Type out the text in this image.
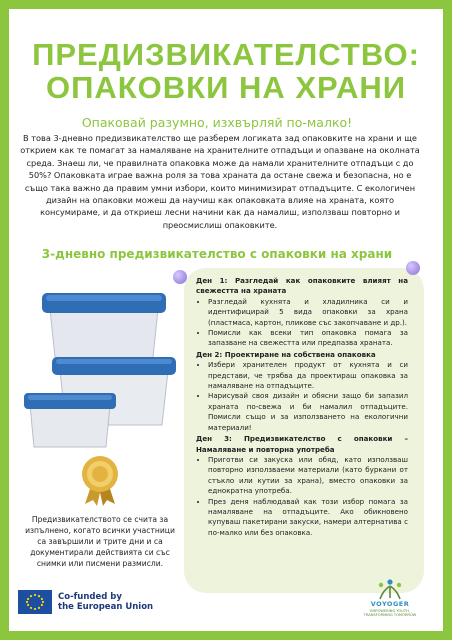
ПРЕДИЗВИКАТЕЛСТВО:
ОПАКОВКИ НА ХРАНИ
Опаковай разумно, изхвърляй по-малко!
В това 3-дневно предизвикателство ще разберем логиката зад опаковките на храни и ще открием как те помагат за намаляване на хранителните отпадъци и опазване на околната среда. Знаеш ли, че правилната опаковка може да намали хранителните отпадъци с до 50%? Опаковката играе важна роля за това храната да остане свежа и безопасна, но е също така важно да правим умни избори, които минимизират отпадъците. С екологичен дизайн на опаковки можеш да научиш как опаковката влияе на храната, която консумираме, и да откриеш лесни начини как да намалиш, използваш повторно и преосмислиш опаковките.
3-дневно предизвикателство с опаковки на храни
Предизвикателството се счита за изпълнено, когато всички участници са завършили и трите дни и са документирали действията си със снимки или писмени размисли.

Ден 1: Разгледай как опаковките влияят на свежестта на храната

• Разгледай кухнята и хладилника си и идентифицирай 5 вида опаковки за храна (пластмаса, картон, пликове със закопчаване и др.).
• Помисли как всеки тип опаковка помага за запазване на свежестта или предпазва храната.

Ден 2: Проектиране на собствена опаковка

• Избери хранителен продукт от кухнята и си представи, че трябва да проектираш опаковка за намаляване на отпадъците.
• Нарисувай своя дизайн и обясни защо би запазил храната по-свежа и би намалил отпадъците. Помисли също и за използването на екологични материали!

Ден 3: Предизвикателство с опаковки – Намаляване и повторна употреба

• Приготви си закуска или обяд, като използваш повторно използваеми материали (като буркани от стъкло или кутии за храна), вместо опаковки за еднократна употреба.
• През деня наблюдавай как този избор помага за намаляване на отпадъците. Ако обикновено купуваш пакетирани закуски, намери алтернатива с по-малко или без опаковка.
Co-funded by
the European Union	VOYOGER
EMPOWERING YOUTH, TRANSFORMING TOMORROW
